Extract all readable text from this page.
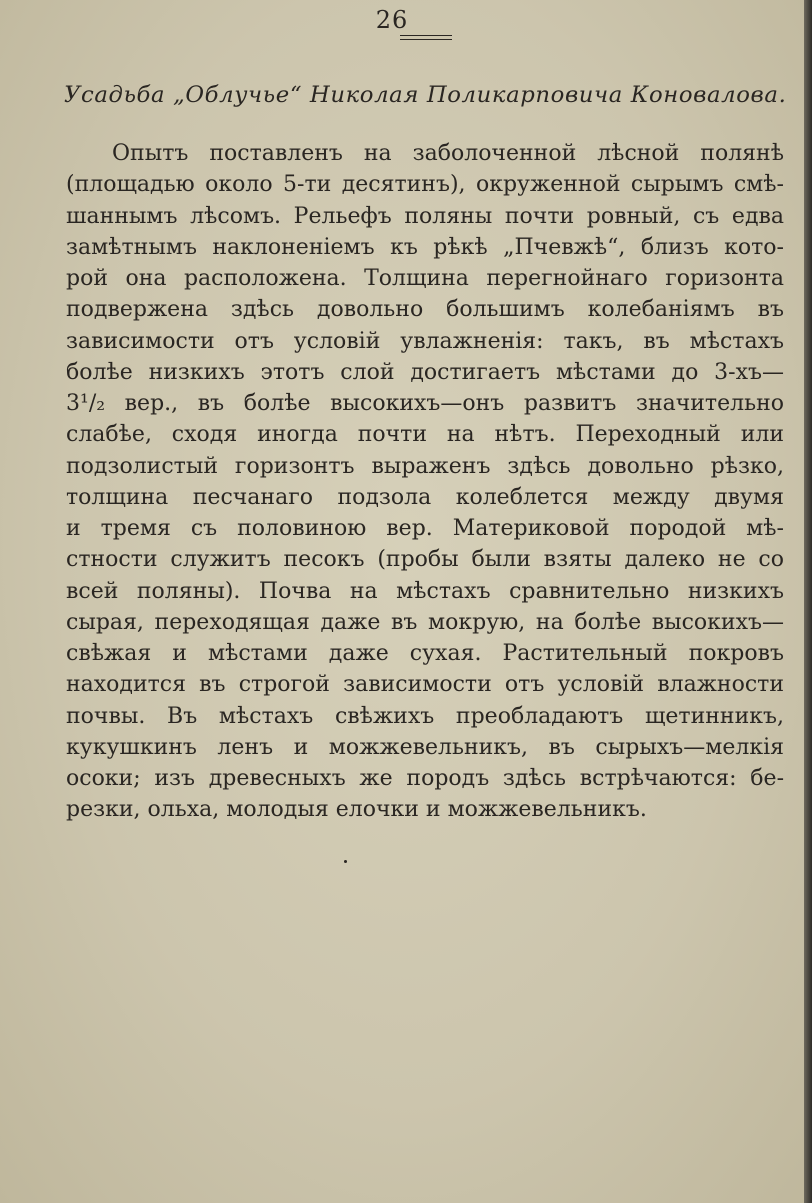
26
Усадьба „Облучье“ Николая Поликарповича Коновалова.
Опытъ поставленъ на заболоченной лѣсной полянѣ
(площадью около 5-ти десятинъ), окруженной сырымъ смѣ-
шаннымъ лѣсомъ. Рельефъ поляны почти ровный, съ едва
замѣтнымъ наклоненіемъ къ рѣкѣ „Пчевжѣ“, близъ кото-
рой она расположена. Толщина перегнойнаго горизонта
подвержена здѣсь довольно большимъ колебаніямъ въ
зависимости отъ условій увлажненія: такъ, въ мѣстахъ
болѣе низкихъ этотъ слой достигаетъ мѣстами до 3-хъ—
3¹/₂ вер., въ болѣе высокихъ—онъ развитъ значительно
слабѣе, сходя иногда почти на нѣтъ. Переходный или
подзолистый горизонтъ выраженъ здѣсь довольно рѣзко,
толщина песчанаго подзола колеблется между двумя
и тремя съ половиною вер. Материковой породой мѣ-
стности служитъ песокъ (пробы были взяты далеко не со
всей поляны). Почва на мѣстахъ сравнительно низкихъ
сырая, переходящая даже въ мокрую, на болѣе высокихъ—
свѣжая и мѣстами даже сухая. Растительный покровъ
находится въ строгой зависимости отъ условій влажности
почвы. Въ мѣстахъ свѣжихъ преобладаютъ щетинникъ,
кукушкинъ ленъ и можжевельникъ, въ сырыхъ—мелкія
осоки; изъ древесныхъ же породъ здѣсь встрѣчаются: бе-
резки, ольха, молодыя елочки и можжевельникъ.
